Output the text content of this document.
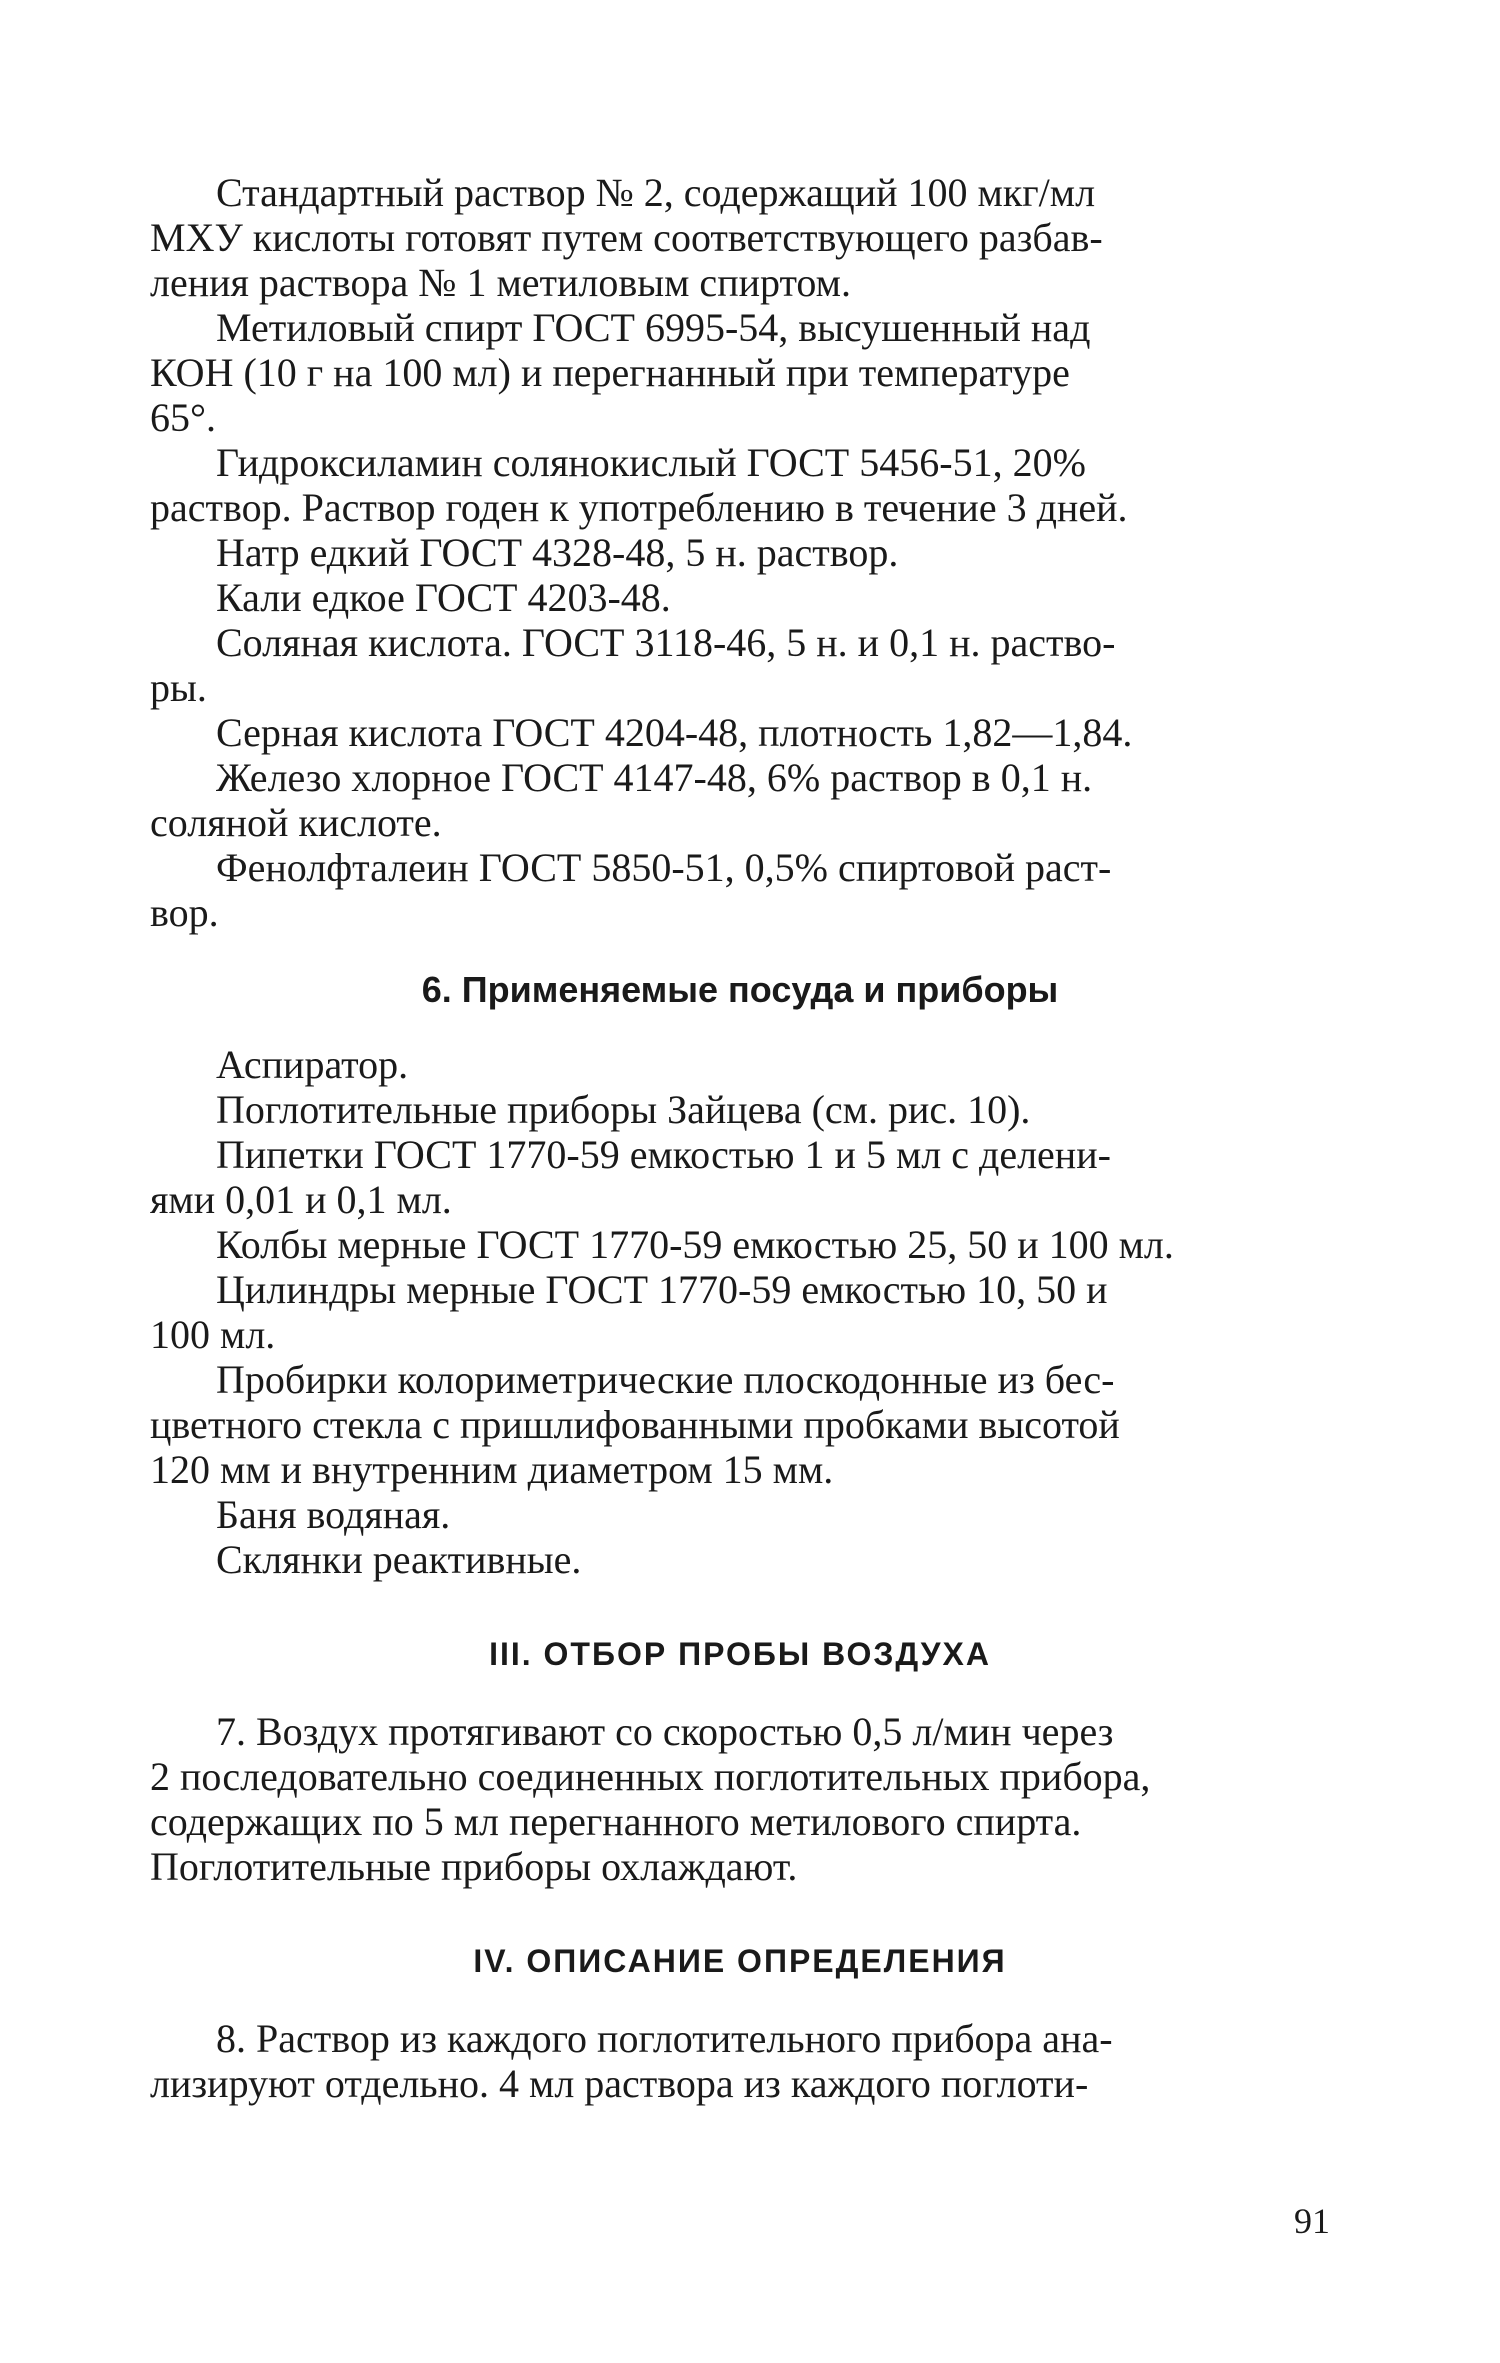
Стандартный раствор № 2, содержащий 100 мкг/мл
МХУ кислоты готовят путем соответствующего разбав-
ления раствора № 1 метиловым спиртом.
Метиловый спирт ГОСТ 6995-54, высушенный над
КОН (10 г на 100 мл) и перегнанный при температуре
65°.
Гидроксиламин солянокислый ГОСТ 5456-51, 20%
раствор. Раствор годен к употреблению в течение 3 дней.
Натр едкий ГОСТ 4328-48, 5 н. раствор.
Кали едкое ГОСТ 4203-48.
Соляная кислота. ГОСТ 3118-46, 5 н. и 0,1 н. раство-
ры.
Серная кислота ГОСТ 4204-48, плотность 1,82—1,84.
Железо хлорное ГОСТ 4147-48, 6% раствор в 0,1 н.
соляной кислоте.
Фенолфталеин ГОСТ 5850-51, 0,5% спиртовой раст-
вор.
6. Применяемые посуда и приборы
Аспиратор.
Поглотительные приборы Зайцева (см. рис. 10).
Пипетки ГОСТ 1770-59 емкостью 1 и 5 мл с делени-
ями 0,01 и 0,1 мл.
Колбы мерные ГОСТ 1770-59 емкостью 25, 50 и 100 мл.
Цилиндры мерные ГОСТ 1770-59 емкостью 10, 50 и
100 мл.
Пробирки колориметрические плоскодонные из бес-
цветного стекла с пришлифованными пробками высотой
120 мм и внутренним диаметром 15 мм.
Баня водяная.
Склянки реактивные.
III. ОТБОР ПРОБЫ ВОЗДУХА
7. Воздух протягивают со скоростью 0,5 л/мин через
2 последовательно соединенных поглотительных прибора,
содержащих по 5 мл перегнанного метилового спирта.
Поглотительные приборы охлаждают.
IV. ОПИСАНИЕ ОПРЕДЕЛЕНИЯ
8. Раствор из каждого поглотительного прибора ана-
лизируют отдельно. 4 мл раствора из каждого поглоти-
91
